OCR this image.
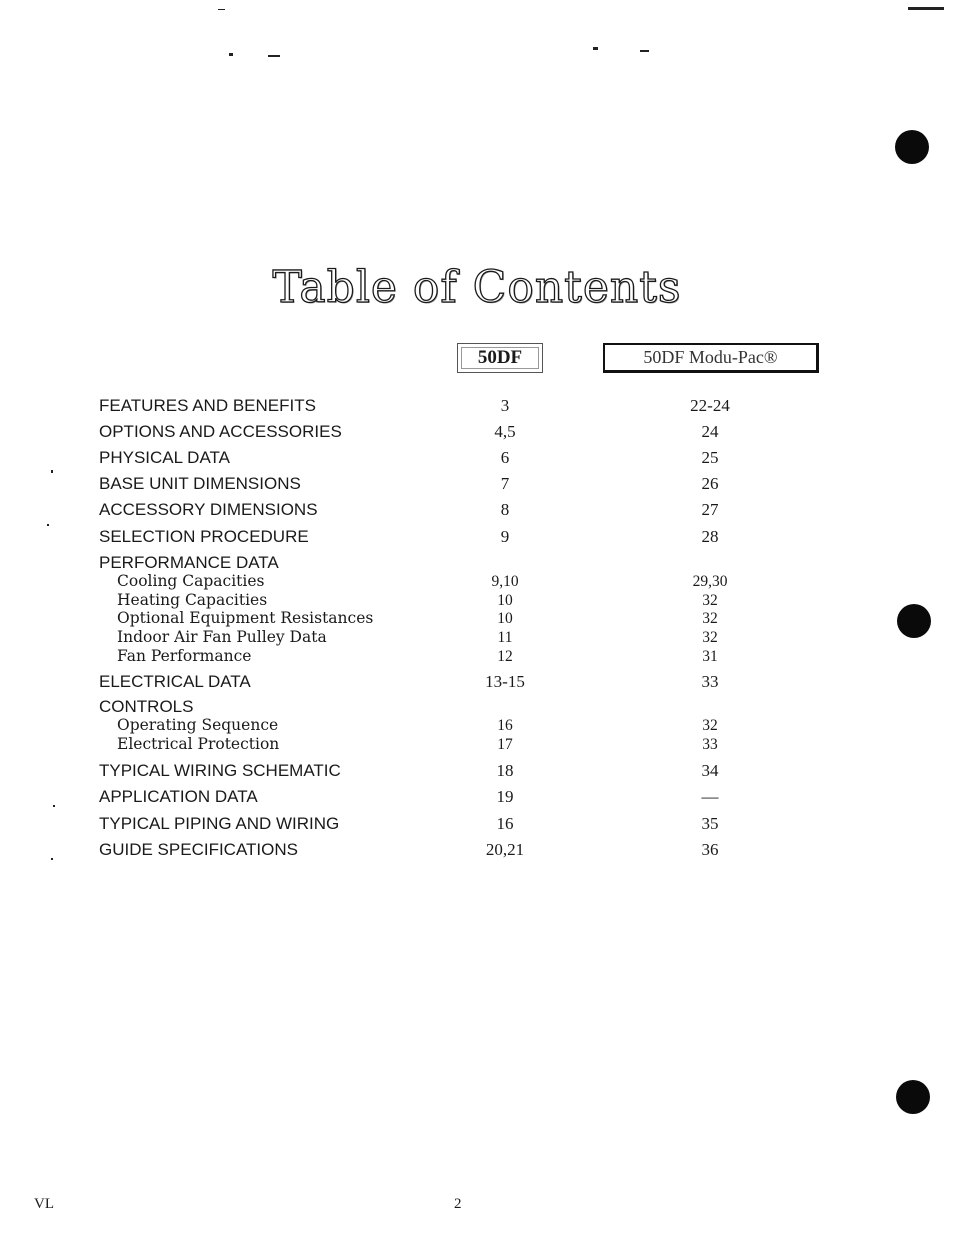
Table of Contents
50DF	50DF Modu-Pac®
FEATURES AND BENEFITS	3	22-24
OPTIONS AND ACCESSORIES	4,5	24
PHYSICAL DATA	6	25
BASE UNIT DIMENSIONS	7	26
ACCESSORY DIMENSIONS	8	27
SELECTION PROCEDURE	9	28
PERFORMANCE DATA
Cooling Capacities	9,10	29,30
Heating Capacities	10	32
Optional Equipment Resistances	10	32
Indoor Air Fan Pulley Data	11	32
Fan Performance	12	31
ELECTRICAL DATA	13-15	33
CONTROLS
Operating Sequence	16	32
Electrical Protection	17	33
TYPICAL WIRING SCHEMATIC	18	34
APPLICATION DATA	19	—
TYPICAL PIPING AND WIRING	16	35
GUIDE SPECIFICATIONS	20,21	36
VL	2
